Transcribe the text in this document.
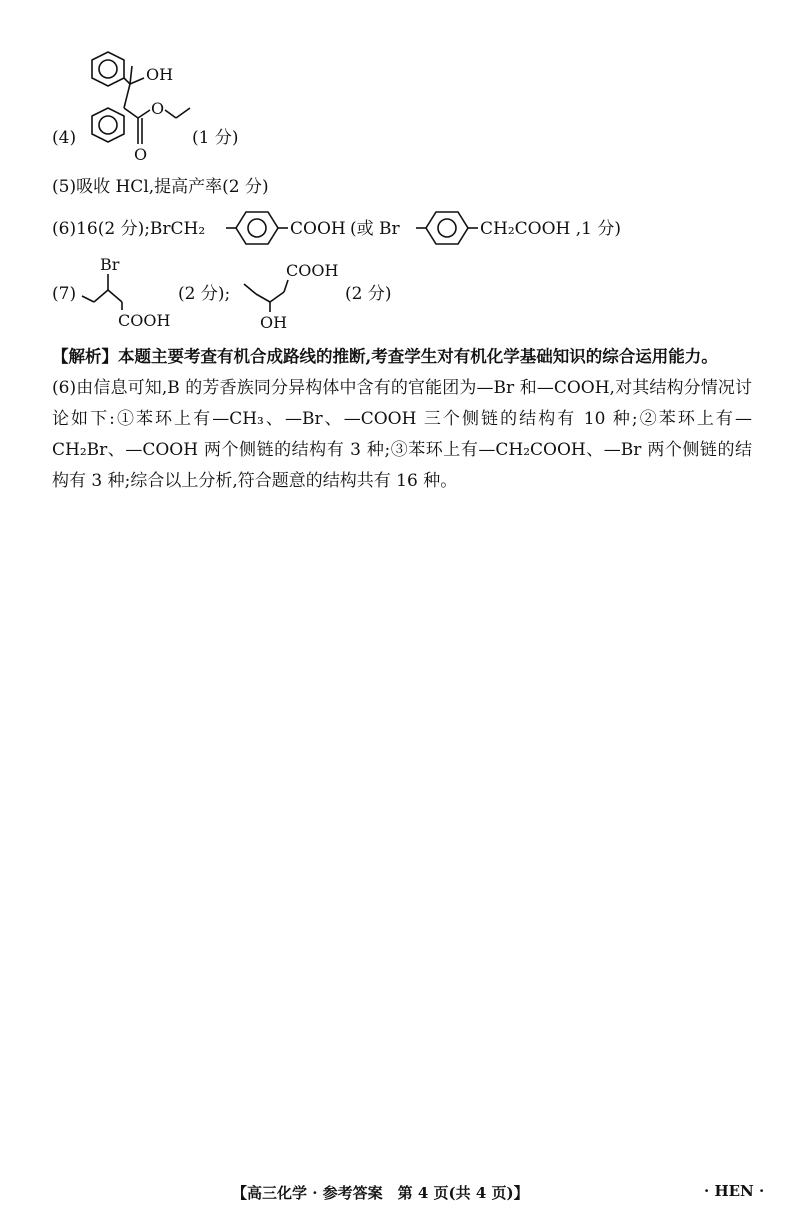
OH
O
O
(4)	(1 分)
(5)吸收 HCl,提高产率(2 分)
(6)16(2 分);BrCH₂	COOH (或 Br	CH₂COOH ,1 分)
(7)
Br
COOH
(2 分);
COOH
OH
(2 分)
【解析】本题主要考查有机合成路线的推断,考查学生对有机化学基础知识的综合运用能力。
(6)由信息可知,B 的芳香族同分异构体中含有的官能团为—Br 和—COOH,对其结构分情况讨论如下:①苯环上有—CH₃、—Br、—COOH 三个侧链的结构有 10 种;②苯环上有—CH₂Br、—COOH 两个侧链的结构有 3 种;③苯环上有—CH₂COOH、—Br 两个侧链的结构有 3 种;综合以上分析,符合题意的结构共有 16 种。
【高三化学 · 参考答案　第 4 页(共 4 页)】	· HEN ·
